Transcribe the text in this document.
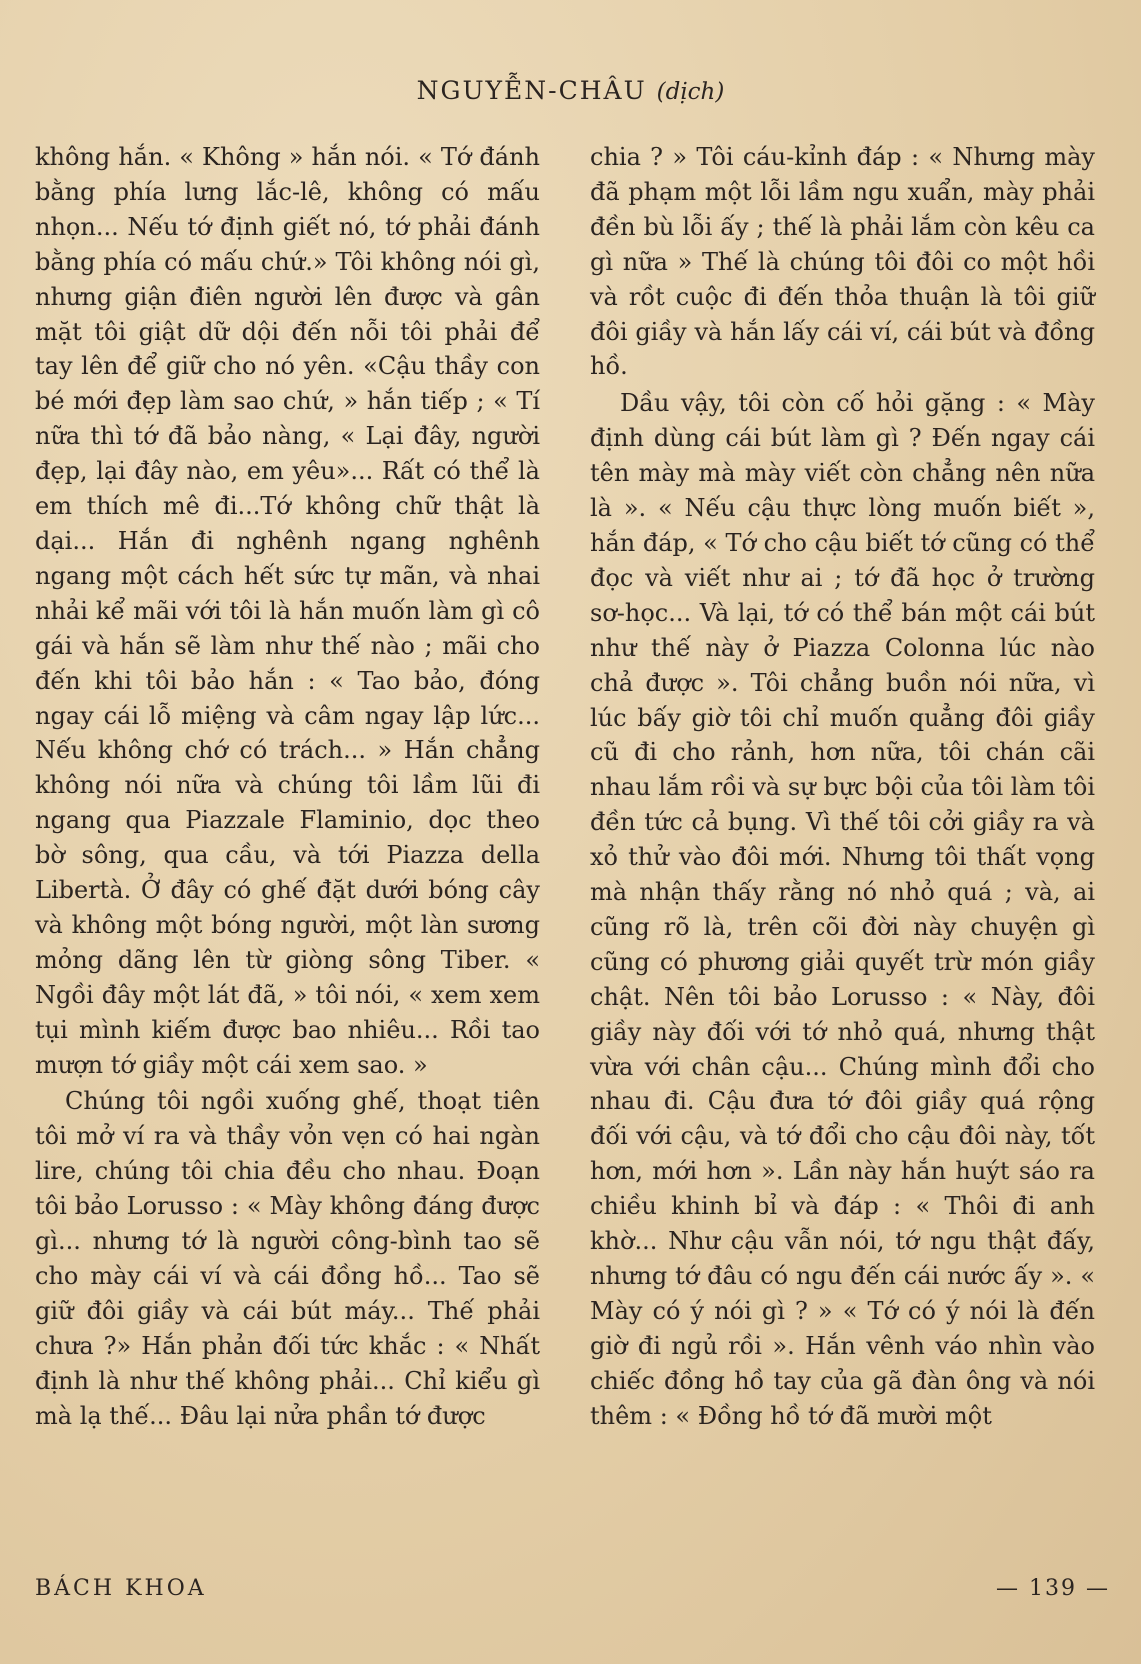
NGUYỄN-CHÂU (dịch)

không hắn. « Không » hắn nói. « Tớ đánh bằng phía lưng lắc-lê, không có mấu nhọn... Nếu tớ định giết nó, tớ phải đánh bằng phía có mấu chứ.» Tôi không nói gì, nhưng giận điên người lên được và gân mặt tôi giật dữ dội đến nỗi tôi phải để tay lên để giữ cho nó yên. «Cậu thầy con bé mới đẹp làm sao chứ, » hắn tiếp ; « Tí nữa thì tớ đã bảo nàng, « Lại đây, người đẹp, lại đây nào, em yêu»... Rất có thể là em thích mê đi...Tớ không chữ thật là dại... Hắn đi nghênh ngang nghênh ngang một cách hết sức tự mãn, và nhai nhải kể mãi với tôi là hắn muốn làm gì cô gái và hắn sẽ làm như thế nào ; mãi cho đến khi tôi bảo hắn : « Tao bảo, đóng ngay cái lỗ miệng và câm ngay lập lức... Nếu không chớ có trách... » Hắn chẳng không nói nữa và chúng tôi lầm lũi đi ngang qua Piazzale Flaminio, dọc theo bờ sông, qua cầu, và tới Piazza della Libertà. Ở đây có ghế đặt dưới bóng cây và không một bóng người, một làn sương mỏng dãng lên từ giòng sông Tiber. « Ngồi đây một lát đã, » tôi nói, « xem xem tụi mình kiếm được bao nhiêu... Rồi tao mượn tớ giầy một cái xem sao. »

Chúng tôi ngồi xuống ghế, thoạt tiên tôi mở ví ra và thầy vỏn vẹn có hai ngàn lire, chúng tôi chia đều cho nhau. Đoạn tôi bảo Lorusso : « Mày không đáng được gì... nhưng tớ là người công-bình tao sẽ cho mày cái ví và cái đồng hồ... Tao sẽ giữ đôi giầy và cái bút máy... Thế phải chưa ?» Hắn phản đối tức khắc : « Nhất định là như thế không phải... Chỉ kiểu gì mà lạ thế... Đâu lại nửa phần tớ được

chia ? » Tôi cáu-kỉnh đáp : « Nhưng mày đã phạm một lỗi lầm ngu xuẩn, mày phải đền bù lỗi ấy ; thế là phải lắm còn kêu ca gì nữa » Thế là chúng tôi đôi co một hồi và rồt cuộc đi đến thỏa thuận là tôi giữ đôi giầy và hắn lấy cái ví, cái bút và đồng hồ.

Dầu vậy, tôi còn cố hỏi gặng : « Mày định dùng cái bút làm gì ? Đến ngay cái tên mày mà mày viết còn chẳng nên nữa là ». « Nếu cậu thực lòng muốn biết », hắn đáp, « Tớ cho cậu biết tớ cũng có thể đọc và viết như ai ; tớ đã học ở trường sơ-học... Và lại, tớ có thể bán một cái bút như thế này ở Piazza Colonna lúc nào chả được ». Tôi chẳng buồn nói nữa, vì lúc bấy giờ tôi chỉ muốn quẳng đôi giầy cũ đi cho rảnh, hơn nữa, tôi chán cãi nhau lắm rồi và sự bực bội của tôi làm tôi đền tức cả bụng. Vì thế tôi cởi giầy ra và xỏ thử vào đôi mới. Nhưng tôi thất vọng mà nhận thấy rằng nó nhỏ quá ; và, ai cũng rõ là, trên cõi đời này chuyện gì cũng có phương giải quyết trừ món giầy chật. Nên tôi bảo Lorusso : « Này, đôi giầy này đối với tớ nhỏ quá, nhưng thật vừa với chân cậu... Chúng mình đổi cho nhau đi. Cậu đưa tớ đôi giầy quá rộng đối với cậu, và tớ đổi cho cậu đôi này, tốt hơn, mới hơn ». Lần này hắn huýt sáo ra chiều khinh bỉ và đáp : « Thôi đi anh khờ... Như cậu vẫn nói, tớ ngu thật đấy, nhưng tớ đâu có ngu đến cái nước ấy ». « Mày có ý nói gì ? » « Tớ có ý nói là đến giờ đi ngủ rồi ». Hắn vênh váo nhìn vào chiếc đồng hồ tay của gã đàn ông và nói thêm : « Đồng hồ tớ đã mười một

BÁCH KHOA	— 139 —
